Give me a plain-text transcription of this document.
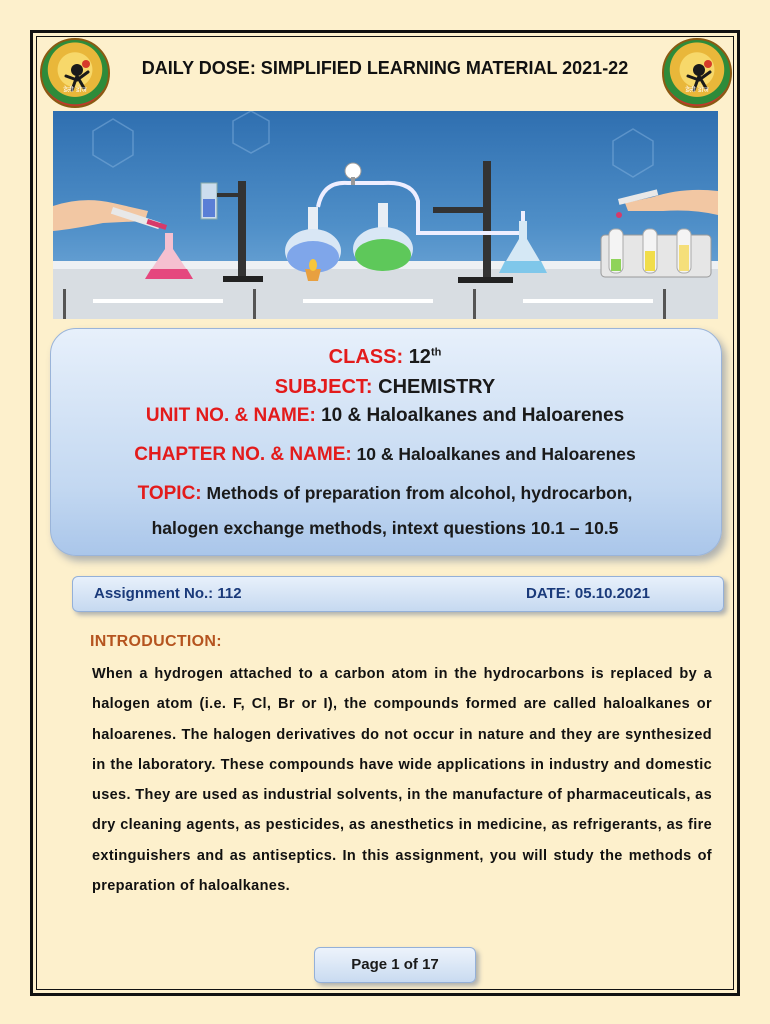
डेली डोज	डेली डोज
DAILY DOSE: SIMPLIFIED LEARNING MATERIAL 2021-22
CLASS: 12th
SUBJECT: CHEMISTRY
UNIT NO. & NAME: 10 & Haloalkanes and Haloarenes
CHAPTER NO. & NAME: 10 & Haloalkanes and Haloarenes
TOPIC: Methods of preparation from alcohol, hydrocarbon,
halogen exchange methods, intext questions 10.1 – 10.5
Assignment No.: 112	DATE: 05.10.2021
INTRODUCTION:
When a hydrogen attached to a carbon atom in the hydrocarbons is replaced by a halogen atom (i.e. F, Cl, Br or I), the compounds formed are called haloalkanes or haloarenes. The halogen derivatives do not occur in nature and they are synthesized in the laboratory. These compounds have wide applications in industry and domestic uses. They are used as industrial solvents, in the manufacture of pharmaceuticals, as dry cleaning agents, as pesticides, as anesthetics in medicine, as refrigerants, as fire extinguishers and as antiseptics. In this assignment, you will study the methods of preparation of haloalkanes.
Page 1 of 17
